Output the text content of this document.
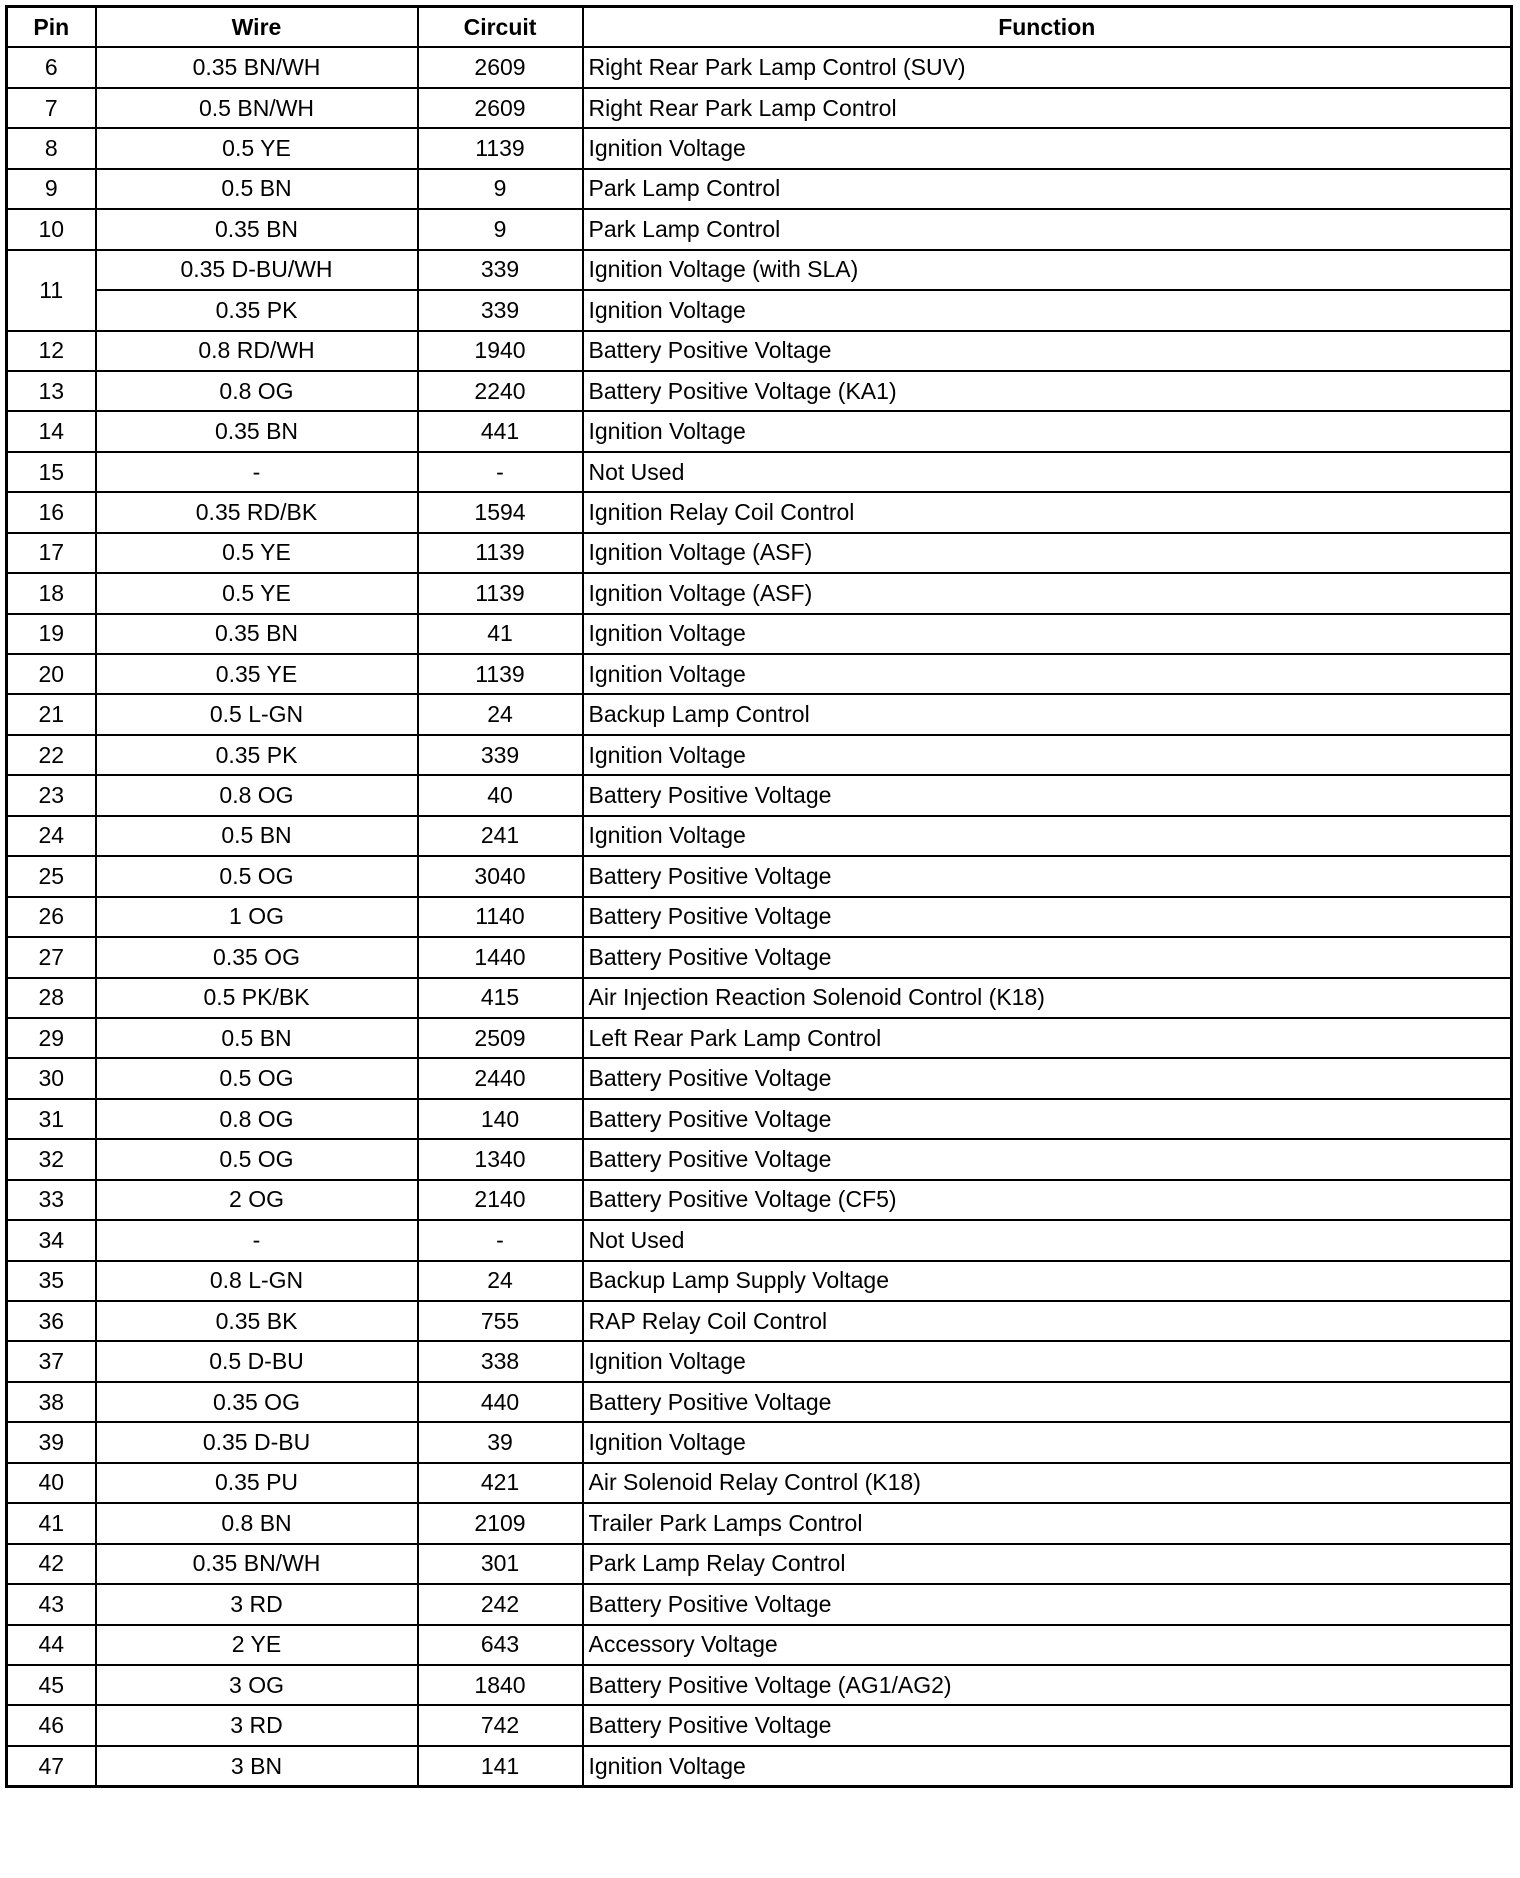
Pin	Wire	Circuit	Function
6	0.35 BN/WH	2609	Right Rear Park Lamp Control (SUV)
7	0.5 BN/WH	2609	Right Rear Park Lamp Control
8	0.5 YE	1139	Ignition Voltage
9	0.5 BN	9	Park Lamp Control
10	0.35 BN	9	Park Lamp Control
11	0.35 D-BU/WH	339	Ignition Voltage (with SLA)
	0.35 PK	339	Ignition Voltage
12	0.8 RD/WH	1940	Battery Positive Voltage
13	0.8 OG	2240	Battery Positive Voltage (KA1)
14	0.35 BN	441	Ignition Voltage
15	-	-	Not Used
16	0.35 RD/BK	1594	Ignition Relay Coil Control
17	0.5 YE	1139	Ignition Voltage (ASF)
18	0.5 YE	1139	Ignition Voltage (ASF)
19	0.35 BN	41	Ignition Voltage
20	0.35 YE	1139	Ignition Voltage
21	0.5 L-GN	24	Backup Lamp Control
22	0.35 PK	339	Ignition Voltage
23	0.8 OG	40	Battery Positive Voltage
24	0.5 BN	241	Ignition Voltage
25	0.5 OG	3040	Battery Positive Voltage
26	1 OG	1140	Battery Positive Voltage
27	0.35 OG	1440	Battery Positive Voltage
28	0.5 PK/BK	415	Air Injection Reaction Solenoid Control (K18)
29	0.5 BN	2509	Left Rear Park Lamp Control
30	0.5 OG	2440	Battery Positive Voltage
31	0.8 OG	140	Battery Positive Voltage
32	0.5 OG	1340	Battery Positive Voltage
33	2 OG	2140	Battery Positive Voltage (CF5)
34	-	-	Not Used
35	0.8 L-GN	24	Backup Lamp Supply Voltage
36	0.35 BK	755	RAP Relay Coil Control
37	0.5 D-BU	338	Ignition Voltage
38	0.35 OG	440	Battery Positive Voltage
39	0.35 D-BU	39	Ignition Voltage
40	0.35 PU	421	Air Solenoid Relay Control (K18)
41	0.8 BN	2109	Trailer Park Lamps Control
42	0.35 BN/WH	301	Park Lamp Relay Control
43	3 RD	242	Battery Positive Voltage
44	2 YE	643	Accessory Voltage
45	3 OG	1840	Battery Positive Voltage (AG1/AG2)
46	3 RD	742	Battery Positive Voltage
47	3 BN	141	Ignition Voltage
